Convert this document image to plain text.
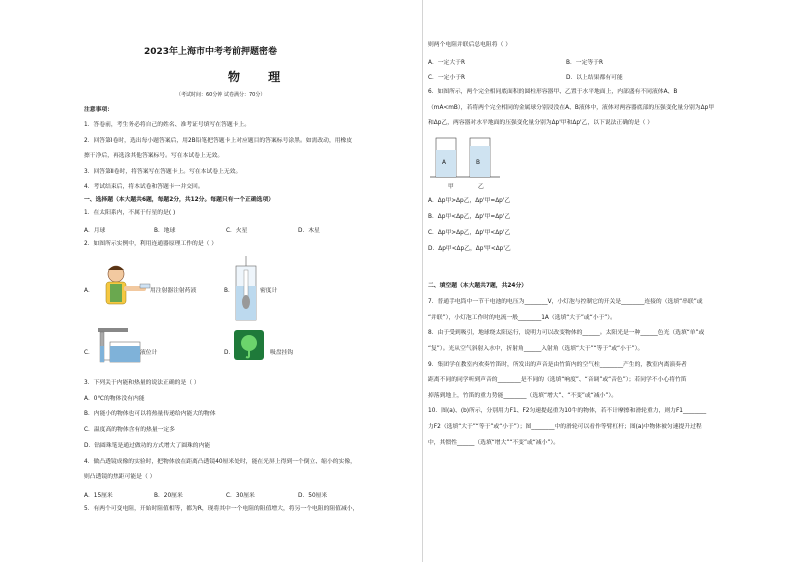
2023年上海市中考考前押题密卷
物 理
（考试时间：60分钟 试卷满分：70分）
注意事项：
1．答卷前，考生务必将自己的姓名、准考证号填写在答题卡上。
2．回答第Ⅰ卷时，选出每小题答案后，用2B铅笔把答题卡上对应题目的答案标号涂黑。如需改动，用橡皮
擦干净后，再选涂其他答案标号。写在本试卷上无效。
3．回答第Ⅱ卷时，将答案写在答题卡上。写在本试卷上无效。
4．考试结束后，将本试卷和答题卡一并交回。
一、选择题（本大题共6题，每题2分，共12分。每题只有一个正确选项）
1．在太阳系内，不属于行星的是( )
A．月球	B．地球	C．火星	D．木星
2．如图所示实例中，利用连通器原理工作的是（ ）
A．	用注射器注射药液	B．	密度计
C．	液位计	D．	吸盘挂钩
3．下列关于内能和热量的说法正确的是（ ）
A．0℃的物体没有内能
B．内能小的物体也可以将热量传递给内能大的物体
C．温度高的物体含有的热量一定多
D．钻圆珠笔是通过做功的方式增大了圆珠的内能
4．做凸透镜成像的实验时，把物体放在距离凸透镜40厘米处时，能在光屏上得到一个倒立、缩小的实像，
则凸透镜的焦距可能是（ ）
A．15厘米	B．20厘米	C．30厘米	D．50厘米
5．有两个可变电阻，开始时阻值相等，都为R，现将其中一个电阻的阻值增大，将另一个电阻的阻值减小，
则两个电阻并联后总电阻将（ ）
A．一定大于R	B．一定等于R
C．一定小于R	D．以上结果都有可能
6．如图所示，两个完全相同底面积的圆柱形容器甲、乙置于水平地面上，内部盛有不同液体A、B
（mA<mB），若将两个完全相同的金属球分别浸没在A、B液体中，液体对两容器底部的压强变化量分别为Δp甲
和Δp乙，两容器对水平地面的压强变化量分别为Δp'甲和Δp'乙，以下说法正确的是（ ）
A	B
甲	乙
A．Δp甲>Δp乙，Δp'甲=Δp'乙
B．Δp甲<Δp乙，Δp'甲=Δp'乙
C．Δp甲>Δp乙，Δp'甲<Δp'乙
D．Δp甲<Δp乙，Δp'甲<Δp'乙
二、填空题（本大题共7题，共24分）
7．普通手电筒中一节干电池的电压为________V，小灯泡与控制它的开关是________连接的（选填“串联”或
“并联”），小灯泡工作时的电流一般________1A（选填“大于”或“小于”）。
8．由于受到吸引，地球绕太阳运行，说明力可以改变物体的______。太阳光是一种______色光（选填“单”或
“复”）。光从空气斜射入水中，折射角______入射角（选填“大于”“等于”或“小于”）。
9．集团学在教室内欢奏竹笛时，所发出的声音是由竹笛内的空气柱________产生的，教室内离演奏者
距离不同的同学听到声音的________是不同的（选填“响度”、“音调”或“音色”）；若同学不小心将竹笛
掉落到地上，竹笛的重力势能________（选填“增大”、“不变”或“减小”）。
10．图(a)、(b)所示，分别用力F1、F2匀速提起重为10牛的物体，若不计摩擦和滑轮重力，则力F1________
力F2（选填“大于”“等于”或“小于”）；图________中的滑轮可以看作等臂杠杆；图(a)中物体被匀速提升过程
中，其惯性______（选填“增大”“不变”或“减小”）。
